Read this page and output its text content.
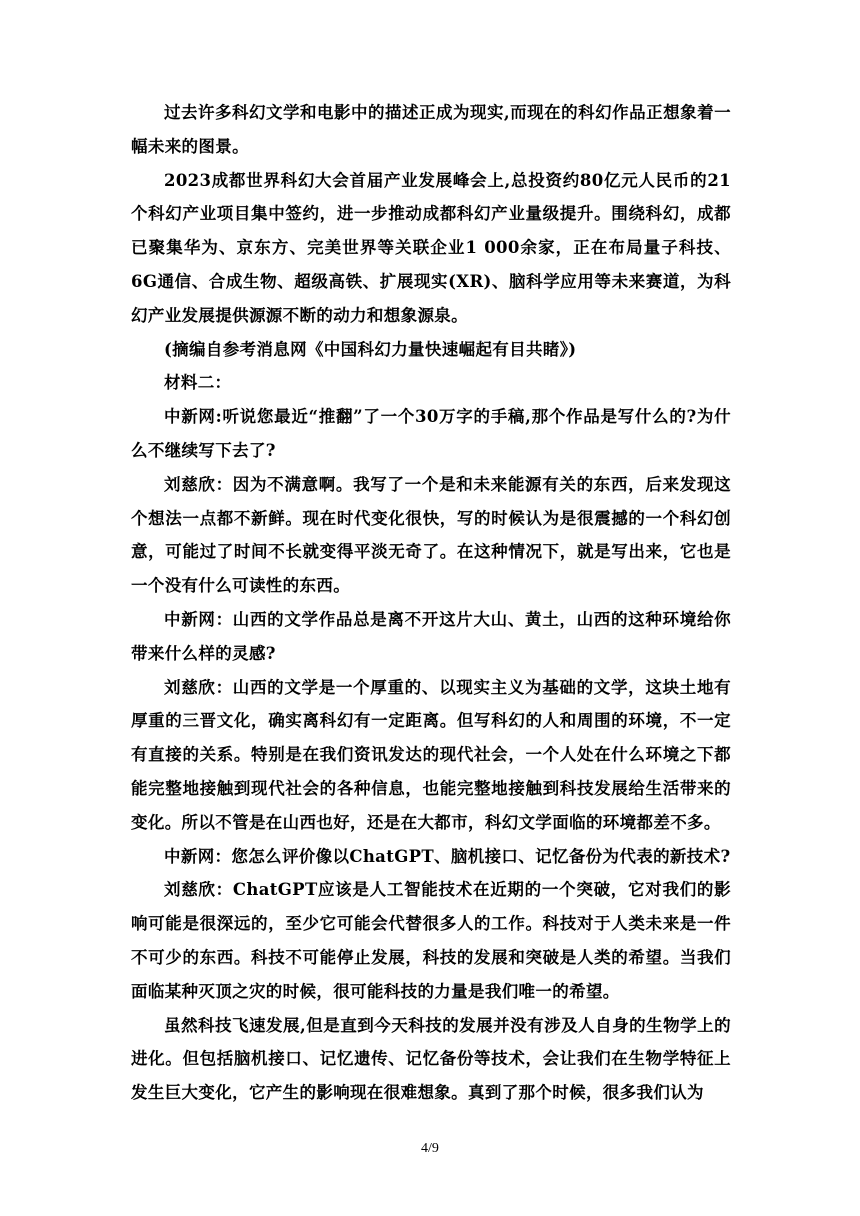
过去许多科幻文学和电影中的描述正成为现实,而现在的科幻作品正想象着一幅未来的图景。

2023成都世界科幻大会首届产业发展峰会上,总投资约80亿元人民币的21个科幻产业项目集中签约，进一步推动成都科幻产业量级提升。围绕科幻，成都已聚集华为、京东方、完美世界等关联企业1 000余家，正在布局量子科技、6G通信、合成生物、超级高铁、扩展现实(XR)、脑科学应用等未来赛道，为科幻产业发展提供源源不断的动力和想象源泉。

(摘编自参考消息网《中国科幻力量快速崛起有目共睹》)

材料二：

中新网:听说您最近“推翻”了一个30万字的手稿,那个作品是写什么的?为什么不继续写下去了?

刘慈欣：因为不满意啊。我写了一个是和未来能源有关的东西，后来发现这个想法一点都不新鲜。现在时代变化很快，写的时候认为是很震撼的一个科幻创意，可能过了时间不长就变得平淡无奇了。在这种情况下，就是写出来，它也是一个没有什么可读性的东西。

中新网：山西的文学作品总是离不开这片大山、黄土，山西的这种环境给你带来什么样的灵感?

刘慈欣：山西的文学是一个厚重的、以现实主义为基础的文学，这块土地有厚重的三晋文化，确实离科幻有一定距离。但写科幻的人和周围的环境，不一定有直接的关系。特别是在我们资讯发达的现代社会，一个人处在什么环境之下都能完整地接触到现代社会的各种信息，也能完整地接触到科技发展给生活带来的变化。所以不管是在山西也好，还是在大都市，科幻文学面临的环境都差不多。

中新网：您怎么评价像以ChatGPT、脑机接口、记忆备份为代表的新技术?

刘慈欣：ChatGPT应该是人工智能技术在近期的一个突破，它对我们的影响可能是很深远的，至少它可能会代替很多人的工作。科技对于人类未来是一件不可少的东西。科技不可能停止发展，科技的发展和突破是人类的希望。当我们面临某种灭顶之灾的时候，很可能科技的力量是我们唯一的希望。

虽然科技飞速发展,但是直到今天科技的发展并没有涉及人自身的生物学上的进化。但包括脑机接口、记忆遗传、记忆备份等技术，会让我们在生物学特征上发生巨大变化，它产生的影响现在很难想象。真到了那个时候，很多我们认为

4/9
